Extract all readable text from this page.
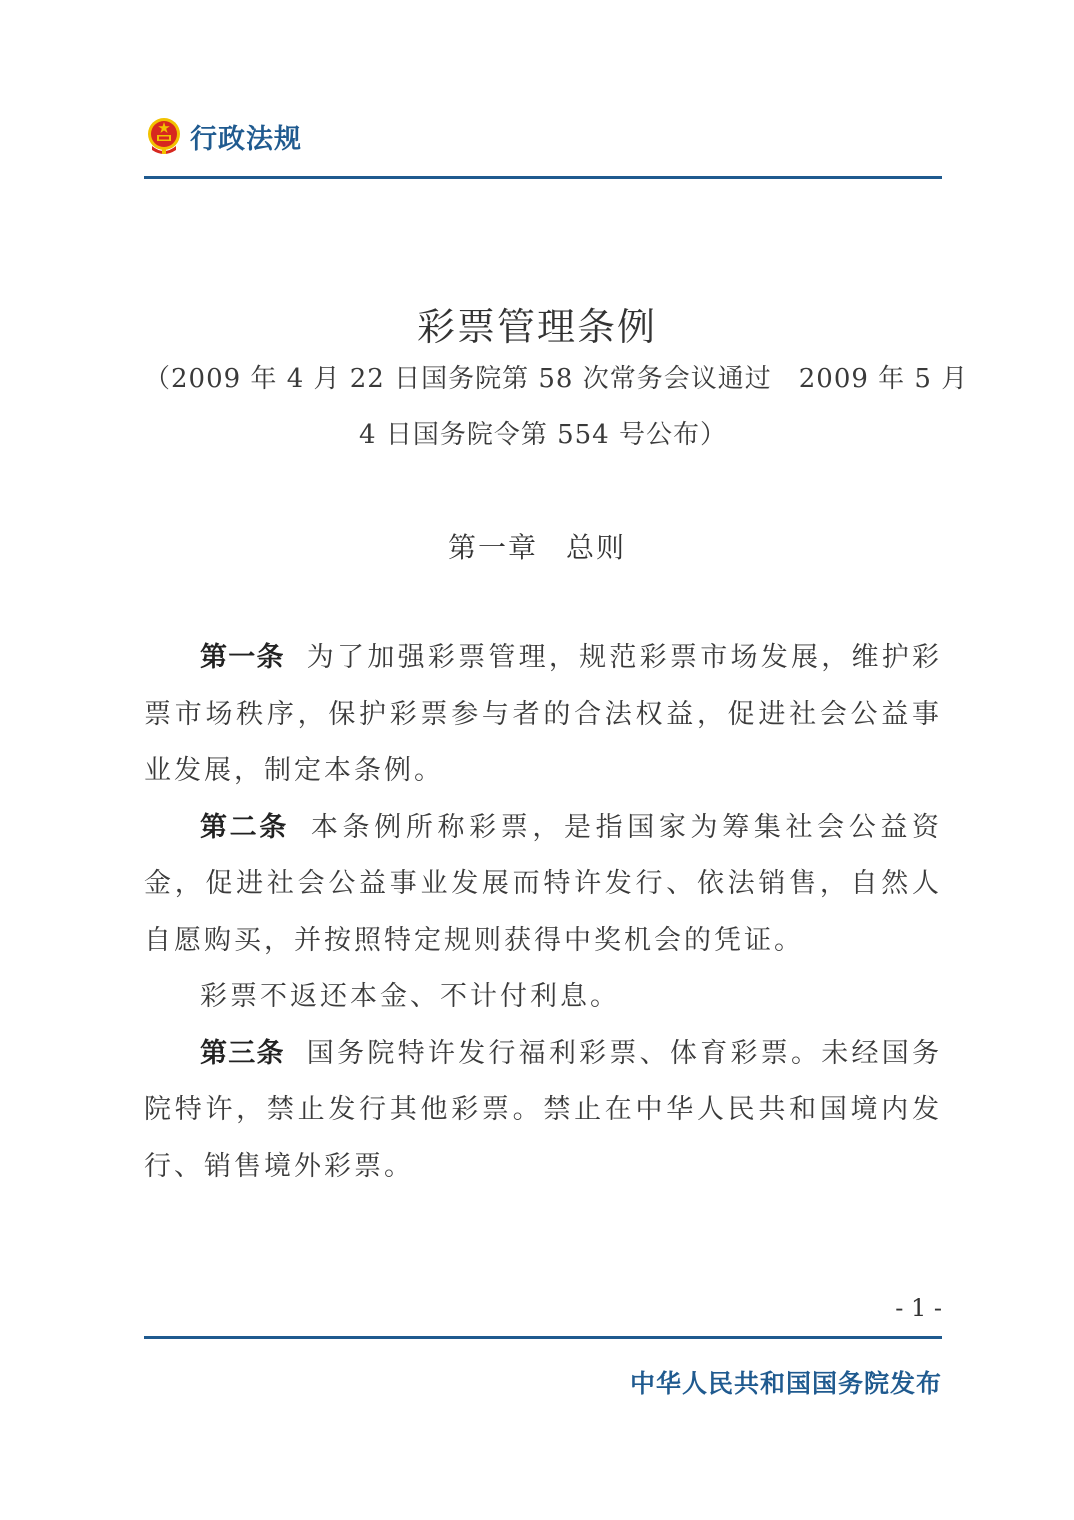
行政法规
彩票管理条例
（2009 年 4 月 22 日国务院第 58 次常务会议通过　2009 年 5 月
4 日国务院令第 554 号公布）
第一章 总则

第一条 为了加强彩票管理，规范彩票市场发展，维护彩票市场秩序，保护彩票参与者的合法权益，促进社会公益事业发展，制定本条例。

第二条 本条例所称彩票，是指国家为筹集社会公益资金，促进社会公益事业发展而特许发行、依法销售，自然人自愿购买，并按照特定规则获得中奖机会的凭证。

彩票不返还本金、不计付利息。

第三条 国务院特许发行福利彩票、体育彩票。未经国务院特许，禁止发行其他彩票。禁止在中华人民共和国境内发行、销售境外彩票。

- 1 -
中华人民共和国国务院发布
